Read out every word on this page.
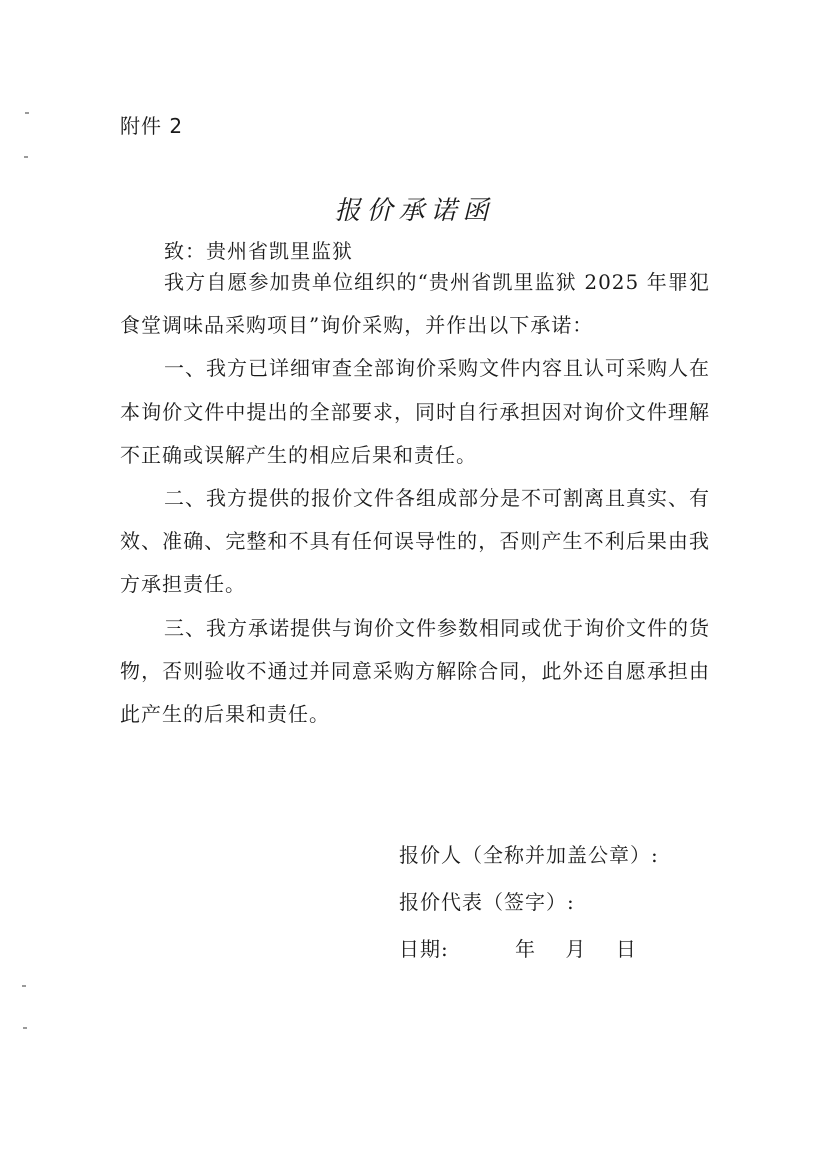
附件 2
报价承诺函

致：贵州省凯里监狱

我方自愿参加贵单位组织的“贵州省凯里监狱 2025 年罪犯食堂调味品采购项目”询价采购，并作出以下承诺：

一、我方已详细审查全部询价采购文件内容且认可采购人在本询价文件中提出的全部要求，同时自行承担因对询价文件理解不正确或误解产生的相应后果和责任。

二、我方提供的报价文件各组成部分是不可割离且真实、有效、准确、完整和不具有任何误导性的，否则产生不利后果由我方承担责任。

三、我方承诺提供与询价文件参数相同或优于询价文件的货物，否则验收不通过并同意采购方解除合同，此外还自愿承担由此产生的后果和责任。

报价人（全称并加盖公章）:

报价代表（签字）:

日期:         年    月    日
